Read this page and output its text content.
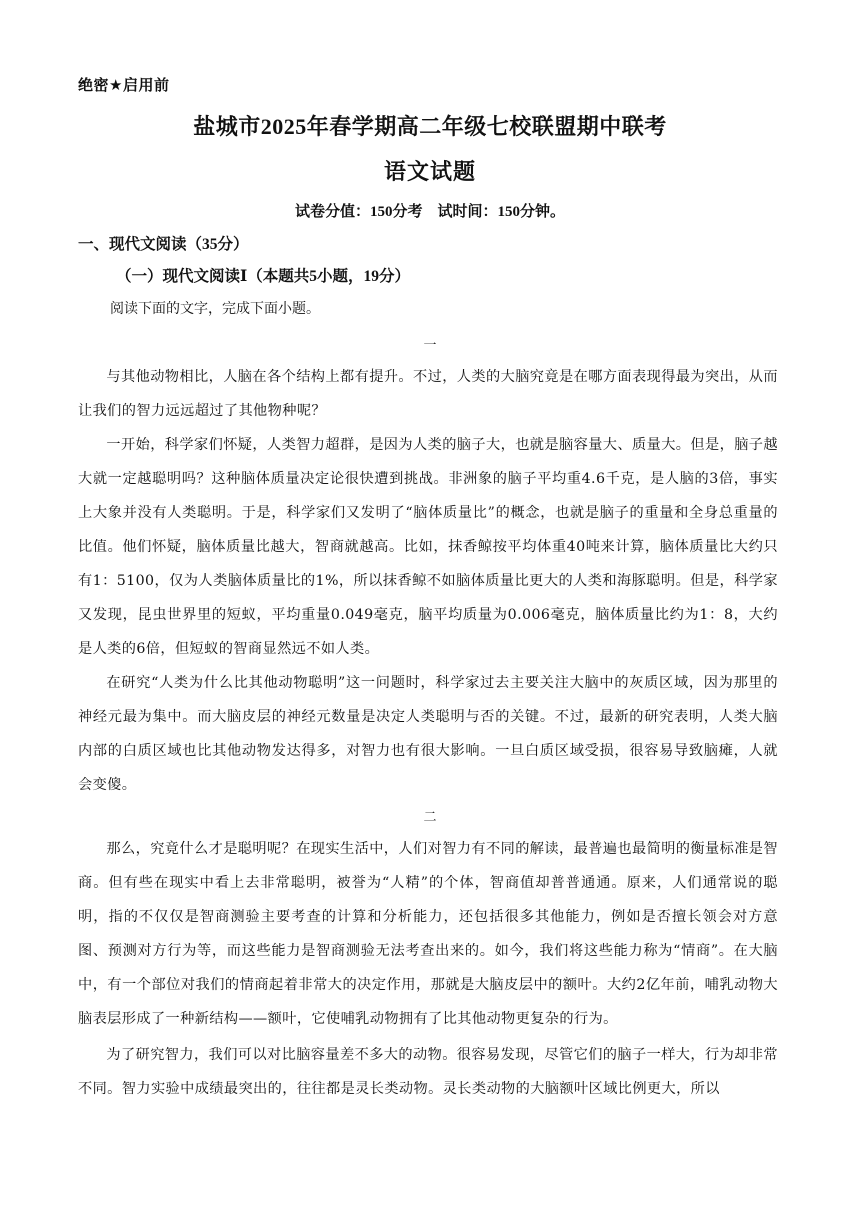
绝密★启用前
盐城市2025年春学期高二年级七校联盟期中联考
语文试题
试卷分值：150分考　试时间：150分钟。
一、现代文阅读（35分）
（一）现代文阅读Ⅰ（本题共5小题，19分）
阅读下面的文字，完成下面小题。
一
与其他动物相比，人脑在各个结构上都有提升。不过，人类的大脑究竟是在哪方面表现得最为突出，从而让我们的智力远远超过了其他物种呢？
一开始，科学家们怀疑，人类智力超群，是因为人类的脑子大，也就是脑容量大、质量大。但是，脑子越大就一定越聪明吗？这种脑体质量决定论很快遭到挑战。非洲象的脑子平均重4.6千克，是人脑的3倍，事实上大象并没有人类聪明。于是，科学家们又发明了“脑体质量比”的概念，也就是脑子的重量和全身总重量的比值。他们怀疑，脑体质量比越大，智商就越高。比如，抹香鲸按平均体重40吨来计算，脑体质量比大约只有1：5100，仅为人类脑体质量比的1%，所以抹香鲸不如脑体质量比更大的人类和海豚聪明。但是，科学家又发现，昆虫世界里的短蚁，平均重量0.049毫克，脑平均质量为0.006毫克，脑体质量比约为1：8，大约是人类的6倍，但短蚁的智商显然远不如人类。
在研究“人类为什么比其他动物聪明”这一问题时，科学家过去主要关注大脑中的灰质区域，因为那里的神经元最为集中。而大脑皮层的神经元数量是决定人类聪明与否的关键。不过，最新的研究表明，人类大脑内部的白质区域也比其他动物发达得多，对智力也有很大影响。一旦白质区域受损，很容易导致脑瘫，人就会变傻。
二
那么，究竟什么才是聪明呢？在现实生活中，人们对智力有不同的解读，最普遍也最简明的衡量标准是智商。但有些在现实中看上去非常聪明，被誉为“人精”的个体，智商值却普普通通。原来，人们通常说的聪明，指的不仅仅是智商测验主要考查的计算和分析能力，还包括很多其他能力，例如是否擅长领会对方意图、预测对方行为等，而这些能力是智商测验无法考查出来的。如今，我们将这些能力称为“情商”。在大脑中，有一个部位对我们的情商起着非常大的决定作用，那就是大脑皮层中的额叶。大约2亿年前，哺乳动物大脑表层形成了一种新结构——额叶，它使哺乳动物拥有了比其他动物更复杂的行为。
为了研究智力，我们可以对比脑容量差不多大的动物。很容易发现，尽管它们的脑子一样大，行为却非常不同。智力实验中成绩最突出的，往往都是灵长类动物。灵长类动物的大脑额叶区域比例更大，所以
